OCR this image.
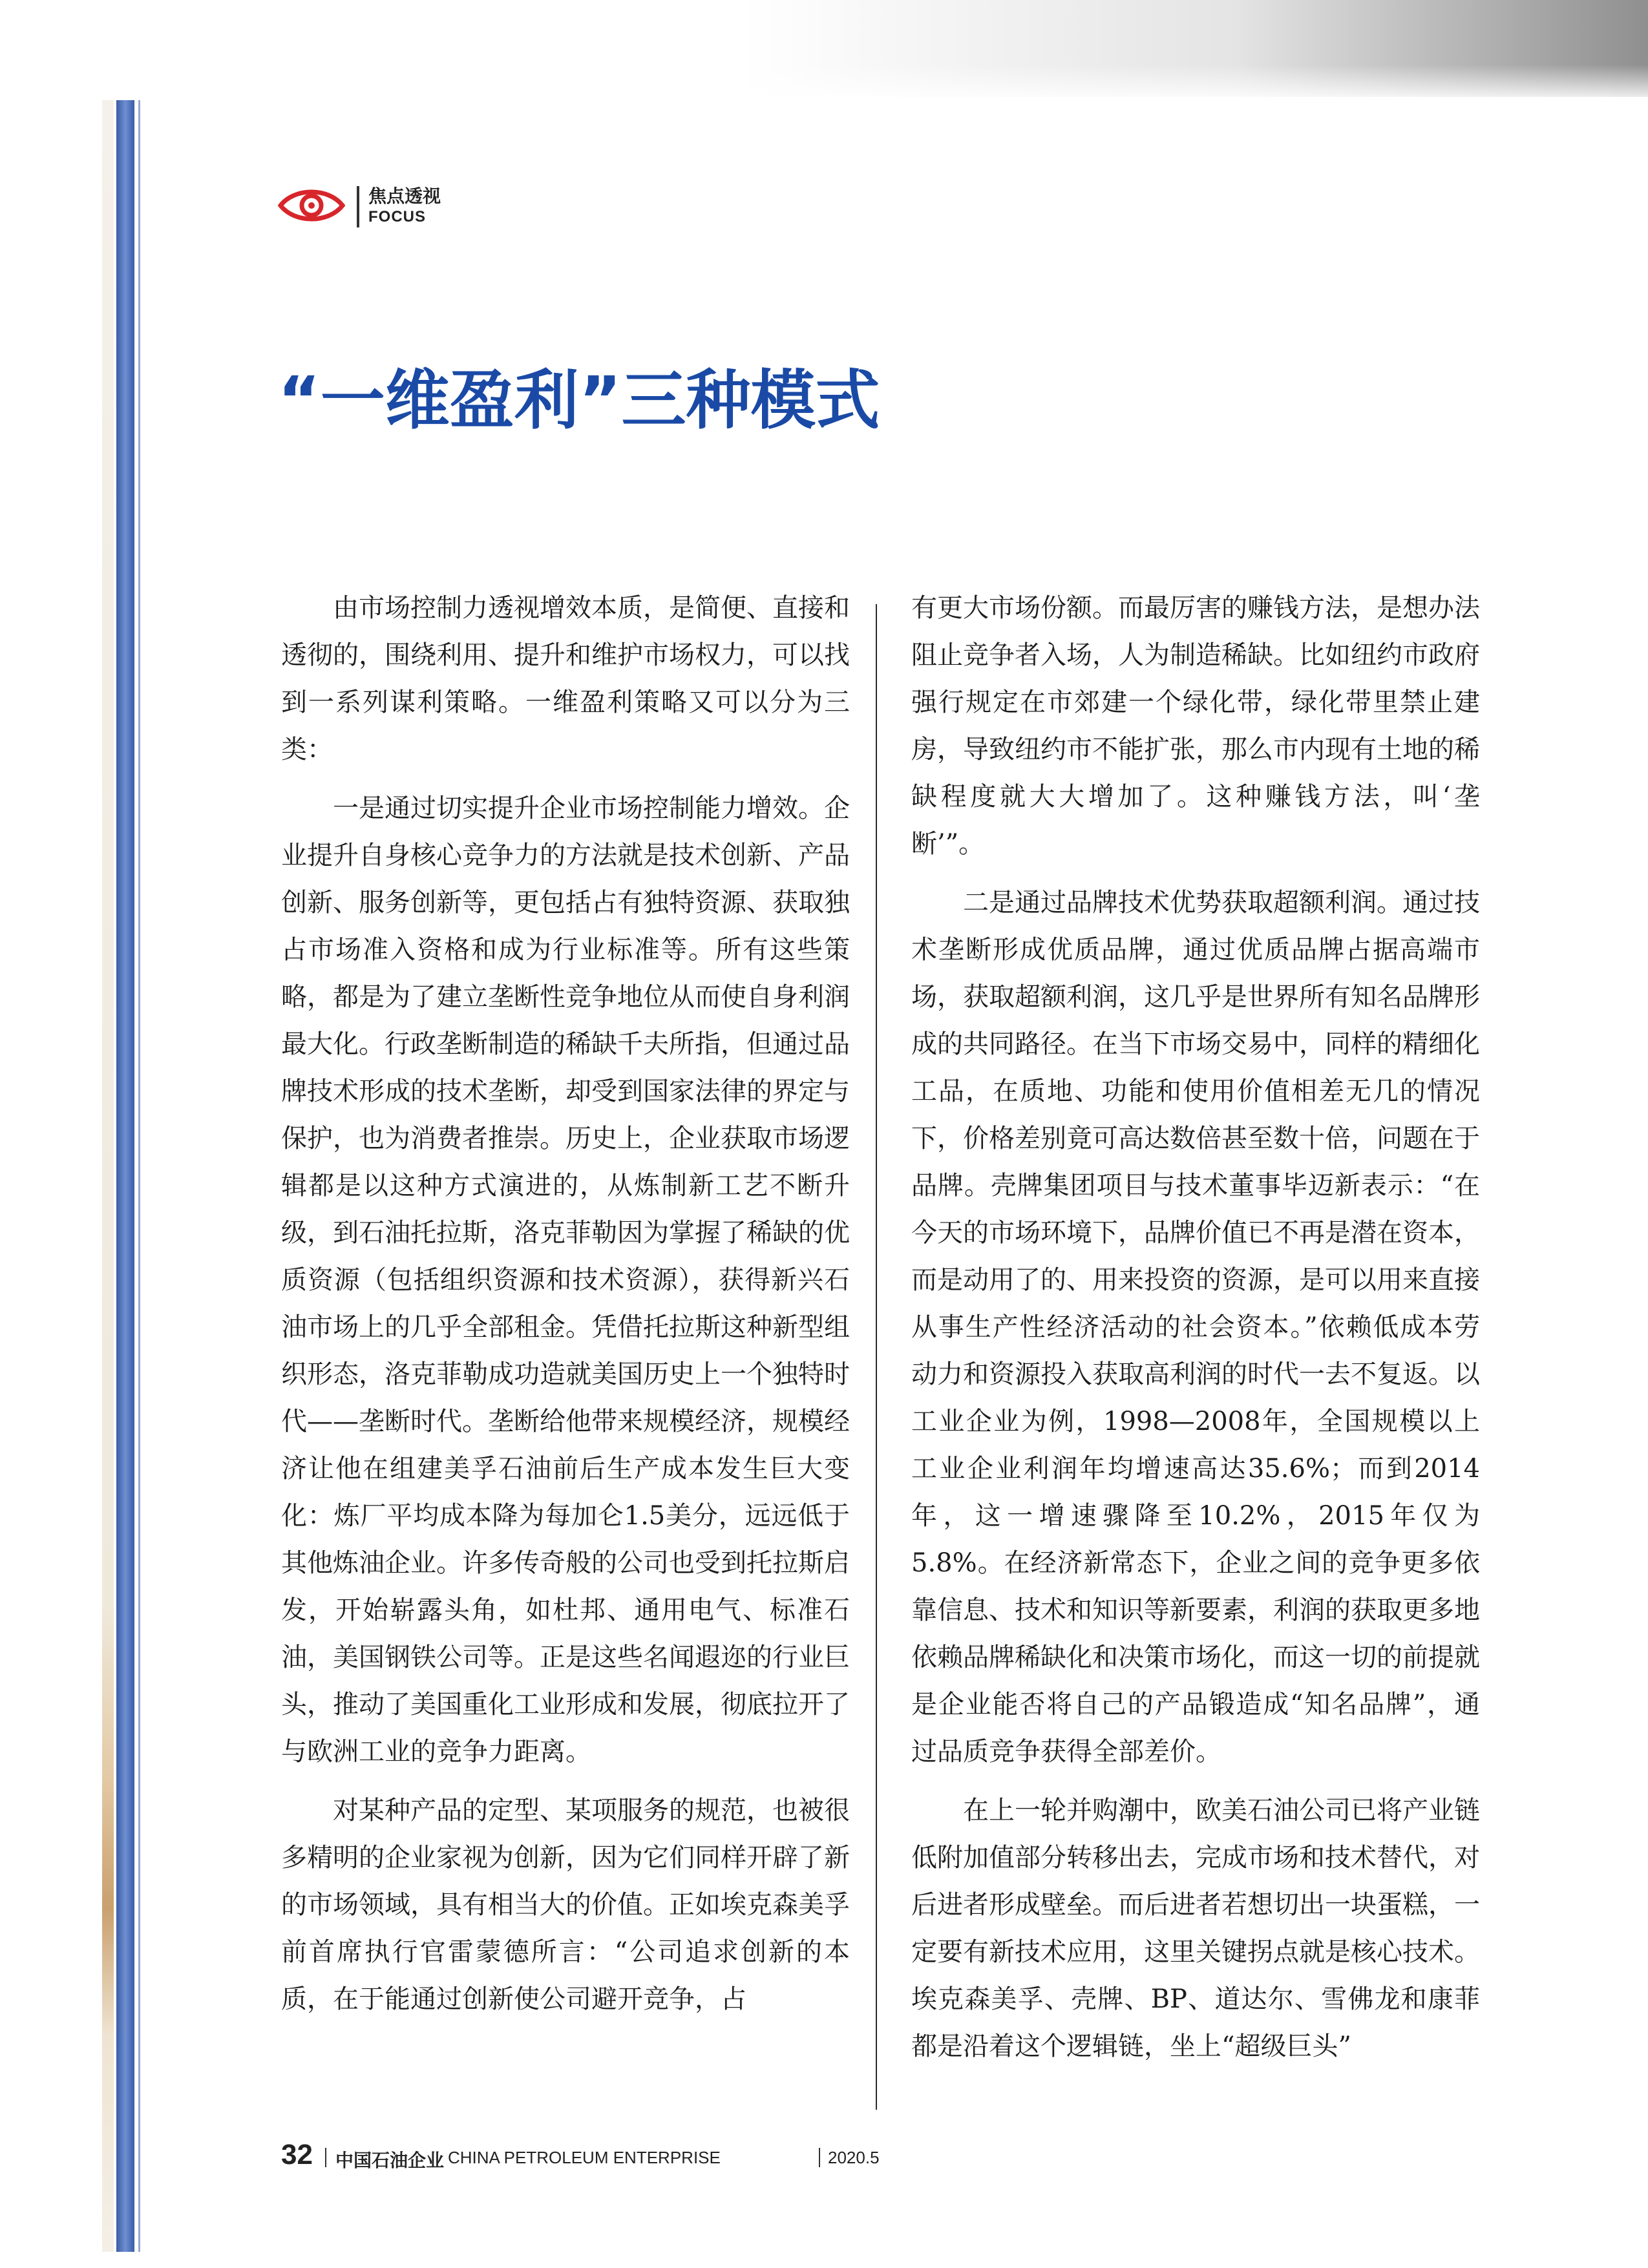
焦点透视
FOCUS
“一维盈利”三种模式

由市场控制力透视增效本质，是简便、直接和透彻的，围绕利用、提升和维护市场权力，可以找到一系列谋利策略。一维盈利策略又可以分为三类：

一是通过切实提升企业市场控制能力增效。企业提升自身核心竞争力的方法就是技术创新、产品创新、服务创新等，更包括占有独特资源、获取独占市场准入资格和成为行业标准等。所有这些策略，都是为了建立垄断性竞争地位从而使自身利润最大化。行政垄断制造的稀缺千夫所指，但通过品牌技术形成的技术垄断，却受到国家法律的界定与保护，也为消费者推崇。历史上，企业获取市场逻辑都是以这种方式演进的，从炼制新工艺不断升级，到石油托拉斯，洛克菲勒因为掌握了稀缺的优质资源（包括组织资源和技术资源），获得新兴石油市场上的几乎全部租金。凭借托拉斯这种新型组织形态，洛克菲勒成功造就美国历史上一个独特时代——垄断时代。垄断给他带来规模经济，规模经济让他在组建美孚石油前后生产成本发生巨大变化：炼厂平均成本降为每加仑1.5美分，远远低于其他炼油企业。许多传奇般的公司也受到托拉斯启发，开始崭露头角，如杜邦、通用电气、标准石油，美国钢铁公司等。正是这些名闻遐迩的行业巨头，推动了美国重化工业形成和发展，彻底拉开了与欧洲工业的竞争力距离。

对某种产品的定型、某项服务的规范，也被很多精明的企业家视为创新，因为它们同样开辟了新的市场领域，具有相当大的价值。正如埃克森美孚前首席执行官雷蒙德所言：“公司追求创新的本质，在于能通过创新使公司避开竞争，占

有更大市场份额。而最厉害的赚钱方法，是想办法阻止竞争者入场，人为制造稀缺。比如纽约市政府强行规定在市郊建一个绿化带，绿化带里禁止建房，导致纽约市不能扩张，那么市内现有土地的稀缺程度就大大增加了。这种赚钱方法，叫‘垄断’”。

二是通过品牌技术优势获取超额利润。通过技术垄断形成优质品牌，通过优质品牌占据高端市场，获取超额利润，这几乎是世界所有知名品牌形成的共同路径。在当下市场交易中，同样的精细化工品，在质地、功能和使用价值相差无几的情况下，价格差别竟可高达数倍甚至数十倍，问题在于品牌。壳牌集团项目与技术董事毕迈新表示：“在今天的市场环境下，品牌价值已不再是潜在资本，而是动用了的、用来投资的资源，是可以用来直接从事生产性经济活动的社会资本。”依赖低成本劳动力和资源投入获取高利润的时代一去不复返。以工业企业为例，1998—2008年，全国规模以上工业企业利润年均增速高达35.6%；而到2014年，这一增速骤降至10.2%，2015年仅为5.8%。在经济新常态下，企业之间的竞争更多依靠信息、技术和知识等新要素，利润的获取更多地依赖品牌稀缺化和决策市场化，而这一切的前提就是企业能否将自己的产品锻造成“知名品牌”，通过品质竞争获得全部差价。

在上一轮并购潮中，欧美石油公司已将产业链低附加值部分转移出去，完成市场和技术替代，对后进者形成壁垒。而后进者若想切出一块蛋糕，一定要有新技术应用，这里关键拐点就是核心技术。埃克森美孚、壳牌、BP、道达尔、雪佛龙和康菲都是沿着这个逻辑链，坐上“超级巨头”

32 中国石油企业 CHINA PETROLEUM ENTERPRISE	2020.5
